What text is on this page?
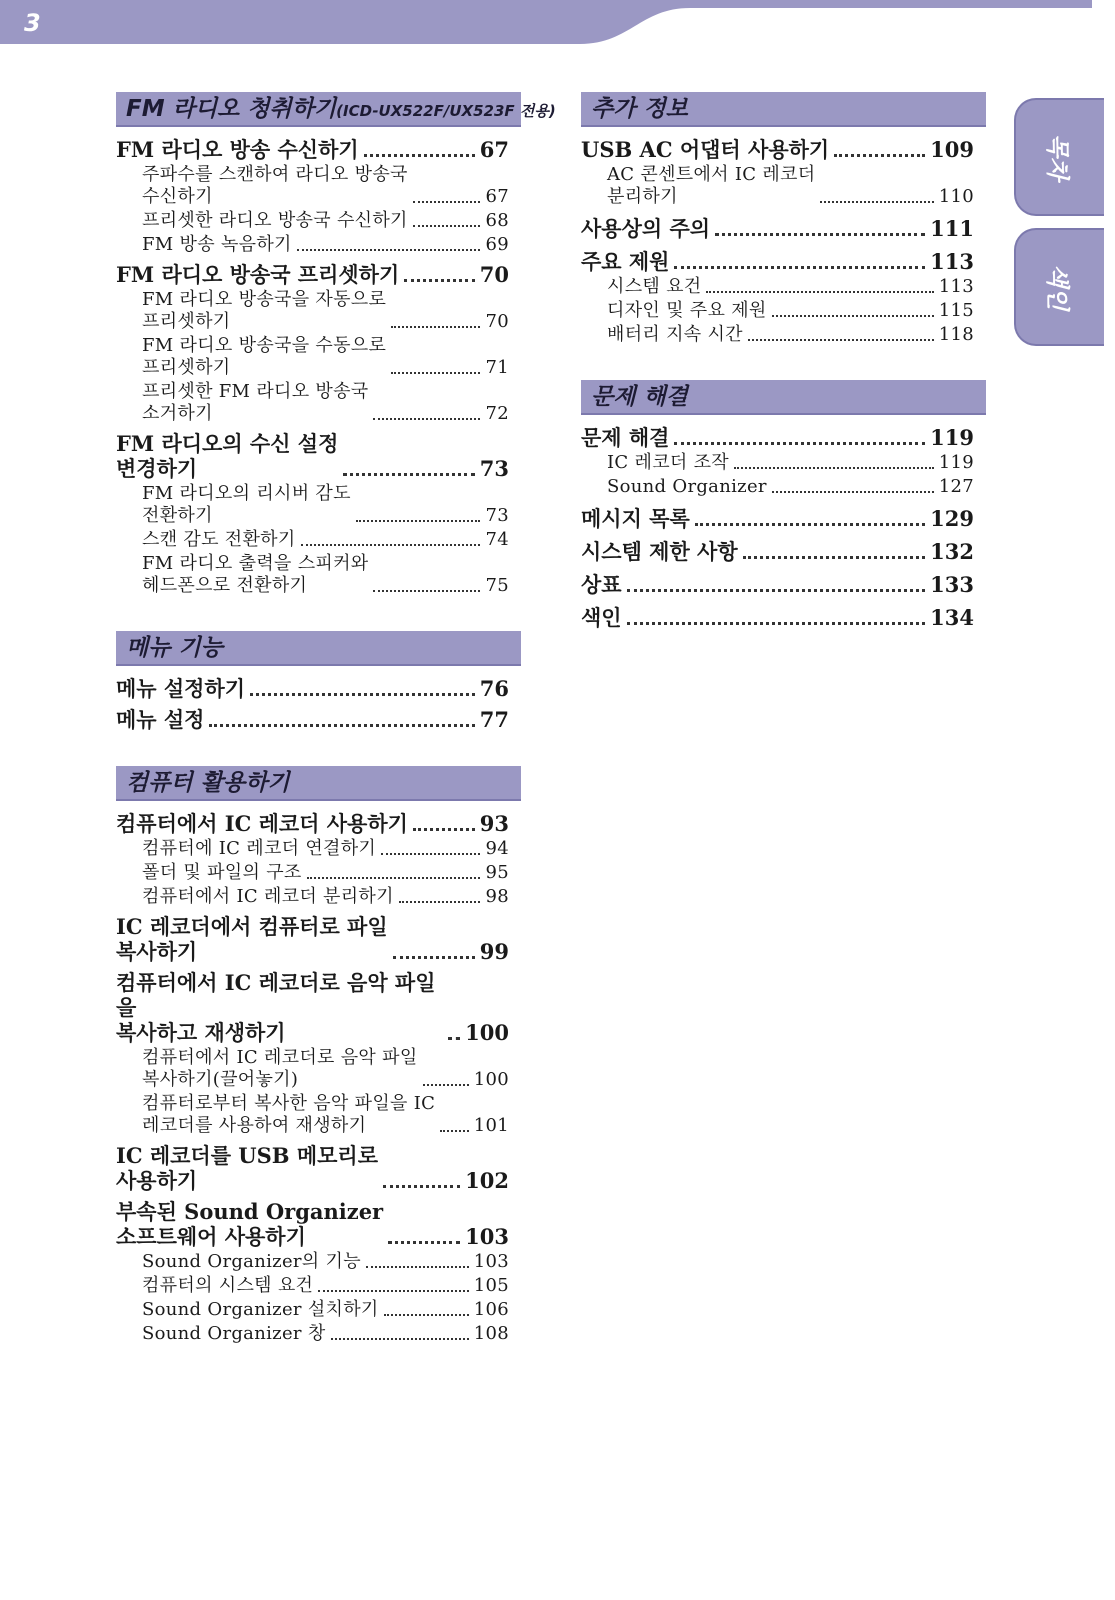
3
FM 라디오 청취하기(ICD-UX522F/UX523F 전용)
FM 라디오 방송 수신하기	67
주파수를 스캔하여 라디오 방송국
수신하기	67
프리셋한 라디오 방송국 수신하기	68
FM 방송 녹음하기	69
FM 라디오 방송국 프리셋하기	70
FM 라디오 방송국을 자동으로
프리셋하기	70
FM 라디오 방송국을 수동으로
프리셋하기	71
프리셋한 FM 라디오 방송국
소거하기	72
FM 라디오의 수신 설정
변경하기	73
FM 라디오의 리시버 감도
전환하기	73
스캔 감도 전환하기	74
FM 라디오 출력을 스피커와
헤드폰으로 전환하기	75
메뉴 기능
메뉴 설정하기	76
메뉴 설정	77
컴퓨터 활용하기
컴퓨터에서 IC 레코더 사용하기	93
컴퓨터에 IC 레코더 연결하기	94
폴더 및 파일의 구조	95
컴퓨터에서 IC 레코더 분리하기	98
IC 레코더에서 컴퓨터로 파일
복사하기	99
컴퓨터에서 IC 레코더로 음악 파일을
복사하고 재생하기	100
컴퓨터에서 IC 레코더로 음악 파일
복사하기(끌어놓기)	100
컴퓨터로부터 복사한 음악 파일을 IC
레코더를 사용하여 재생하기	101
IC 레코더를 USB 메모리로
사용하기	102
부속된 Sound Organizer
소프트웨어 사용하기	103
Sound Organizer의 기능	103
컴퓨터의 시스템 요건	105
Sound Organizer 설치하기	106
Sound Organizer 창	108
추가 정보
USB AC 어댑터 사용하기	109
AC 콘센트에서 IC 레코더
분리하기	110
사용상의 주의	111
주요 제원	113
시스템 요건	113
디자인 및 주요 제원	115
배터리 지속 시간	118
문제 해결
문제 해결	119
IC 레코더 조작	119
Sound Organizer	127
메시지 목록	129
시스템 제한 사항	132
상표	133
색인	134
목차
색인
